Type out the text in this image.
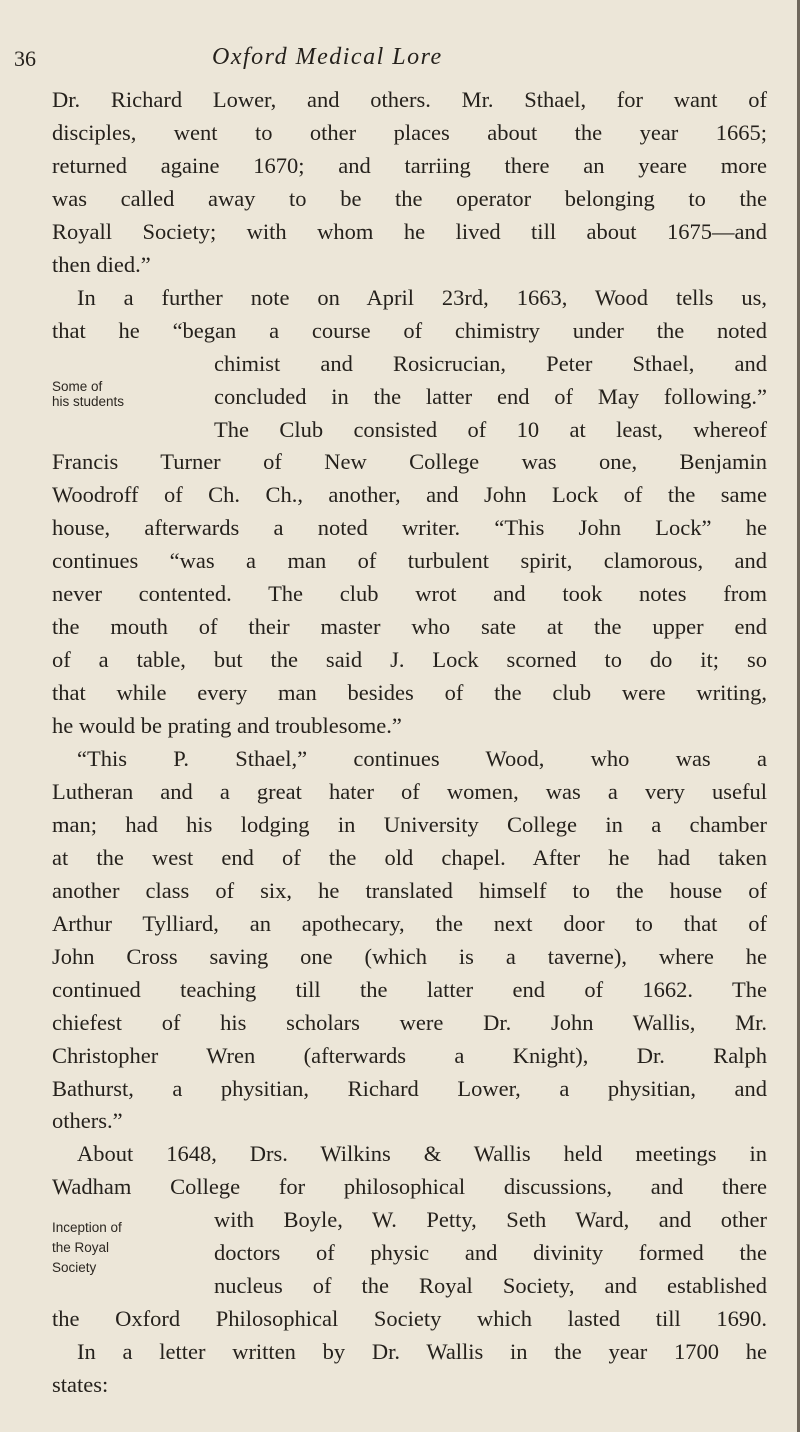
36	Oxford Medical Lore
Some of
his students
Inception of
the Royal
Society
Dr. Richard Lower, and others. Mr. Sthael, for want of
disciples, went to other places about the year 1665;
returned againe 1670; and tarriing there an yeare more
was called away to be the operator belonging to the
Royall Society; with whom he lived till about 1675—and
then died.”
In a further note on April 23rd, 1663, Wood tells us,
that he “began a course of chimistry under the noted
chimist and Rosicrucian, Peter Sthael, and
concluded in the latter end of May following.”
The Club consisted of 10 at least, whereof
Francis Turner of New College was one, Benjamin
Woodroff of Ch. Ch., another, and John Lock of the same
house, afterwards a noted writer. “This John Lock” he
continues “was a man of turbulent spirit, clamorous, and
never contented. The club wrot and took notes from
the mouth of their master who sate at the upper end
of a table, but the said J. Lock scorned to do it; so
that while every man besides of the club were writing,
he would be prating and troublesome.”
“This P. Sthael,” continues Wood, who was a
Lutheran and a great hater of women, was a very useful
man; had his lodging in University College in a chamber
at the west end of the old chapel. After he had taken
another class of six, he translated himself to the house of
Arthur Tylliard, an apothecary, the next door to that of
John Cross saving one (which is a taverne), where he
continued teaching till the latter end of 1662. The
chiefest of his scholars were Dr. John Wallis, Mr.
Christopher Wren (afterwards a Knight), Dr. Ralph
Bathurst, a physitian, Richard Lower, a physitian, and
others.”
About 1648, Drs. Wilkins & Wallis held meetings in
Wadham College for philosophical discussions, and there
with Boyle, W. Petty, Seth Ward, and other
doctors of physic and divinity formed the
nucleus of the Royal Society, and established
the Oxford Philosophical Society which lasted till 1690.
In a letter written by Dr. Wallis in the year 1700 he
states:
